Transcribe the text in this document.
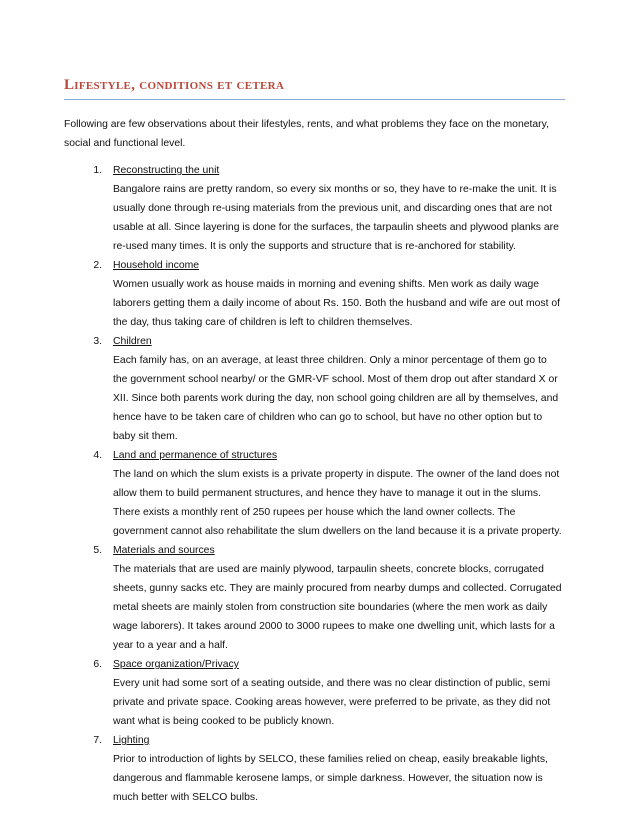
Lifestyle, conditions et cetera

Following are few observations about their lifestyles, rents, and what problems they face on the monetary, social and functional level.

1.	Reconstructing the unit

Bangalore rains are pretty random, so every six months or so, they have to re-make the unit. It is usually done through re-using materials from the previous unit, and discarding ones that are not usable at all. Since layering is done for the surfaces, the tarpaulin sheets and plywood planks are re-used many times. It is only the supports and structure that is re-anchored for stability.

2.	Household income

Women usually work as house maids in morning and evening shifts. Men work as daily wage laborers getting them a daily income of about Rs. 150. Both the husband and wife are out most of the day, thus taking care of children is left to children themselves.

3.	Children

Each family has, on an average, at least three children. Only a minor percentage of them go to the government school nearby/ or the GMR-VF school. Most of them drop out after standard X or XII. Since both parents work during the day, non school going children are all by themselves, and hence have to be taken care of children who can go to school, but have no other option but to baby sit them.

4.	Land and permanence of structures

The land on which the slum exists is a private property in dispute. The owner of the land does not allow them to build permanent structures, and hence they have to manage it out in the slums. There exists a monthly rent of 250 rupees per house which the land owner collects. The government cannot also rehabilitate the slum dwellers on the land because it is a private property.

5.	Materials and sources

The materials that are used are mainly plywood, tarpaulin sheets, concrete blocks, corrugated sheets, gunny sacks etc. They are mainly procured from nearby dumps and collected. Corrugated metal sheets are mainly stolen from construction site boundaries (where the men work as daily wage laborers). It takes around 2000 to 3000 rupees to make one dwelling unit, which lasts for a year to a year and a half.

6.	Space organization/Privacy

Every unit had some sort of a seating outside, and there was no clear distinction of public, semi private and private space. Cooking areas however, were preferred to be private, as they did not want what is being cooked to be publicly known.

7.	Lighting

Prior to introduction of lights by SELCO, these families relied on cheap, easily breakable lights, dangerous and flammable kerosene lamps, or simple darkness. However, the situation now is much better with SELCO bulbs.
